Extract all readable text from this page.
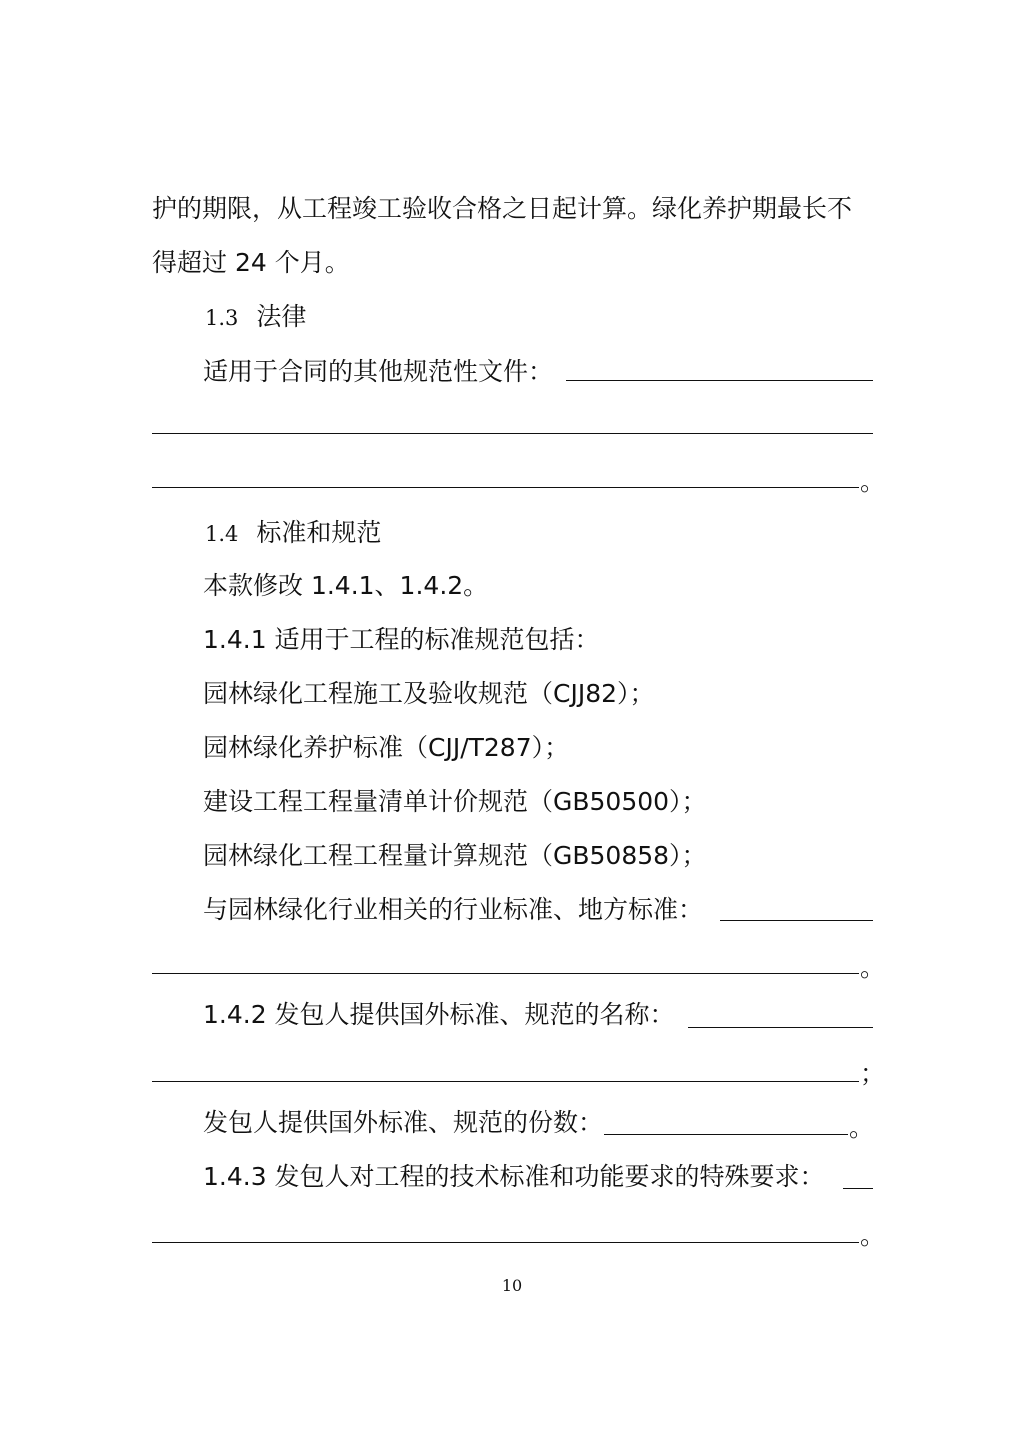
护的期限，从工程竣工验收合格之日起计算。绿化养护期最长不
得超过 24 个月。
1.3 法律
适用于合同的其他规范性文件：
。
1.4 标准和规范
本款修改 1.4.1、1.4.2。
1.4.1 适用于工程的标准规范包括：
园林绿化工程施工及验收规范（CJJ82）；
园林绿化养护标准（CJJ/T287）；
建设工程工程量清单计价规范（GB50500）；
园林绿化工程工程量计算规范（GB50858）；
与园林绿化行业相关的行业标准、地方标准：
。
1.4.2 发包人提供国外标准、规范的名称：
；
发包人提供国外标准、规范的份数：	。
1.4.3 发包人对工程的技术标准和功能要求的特殊要求：
。
10
